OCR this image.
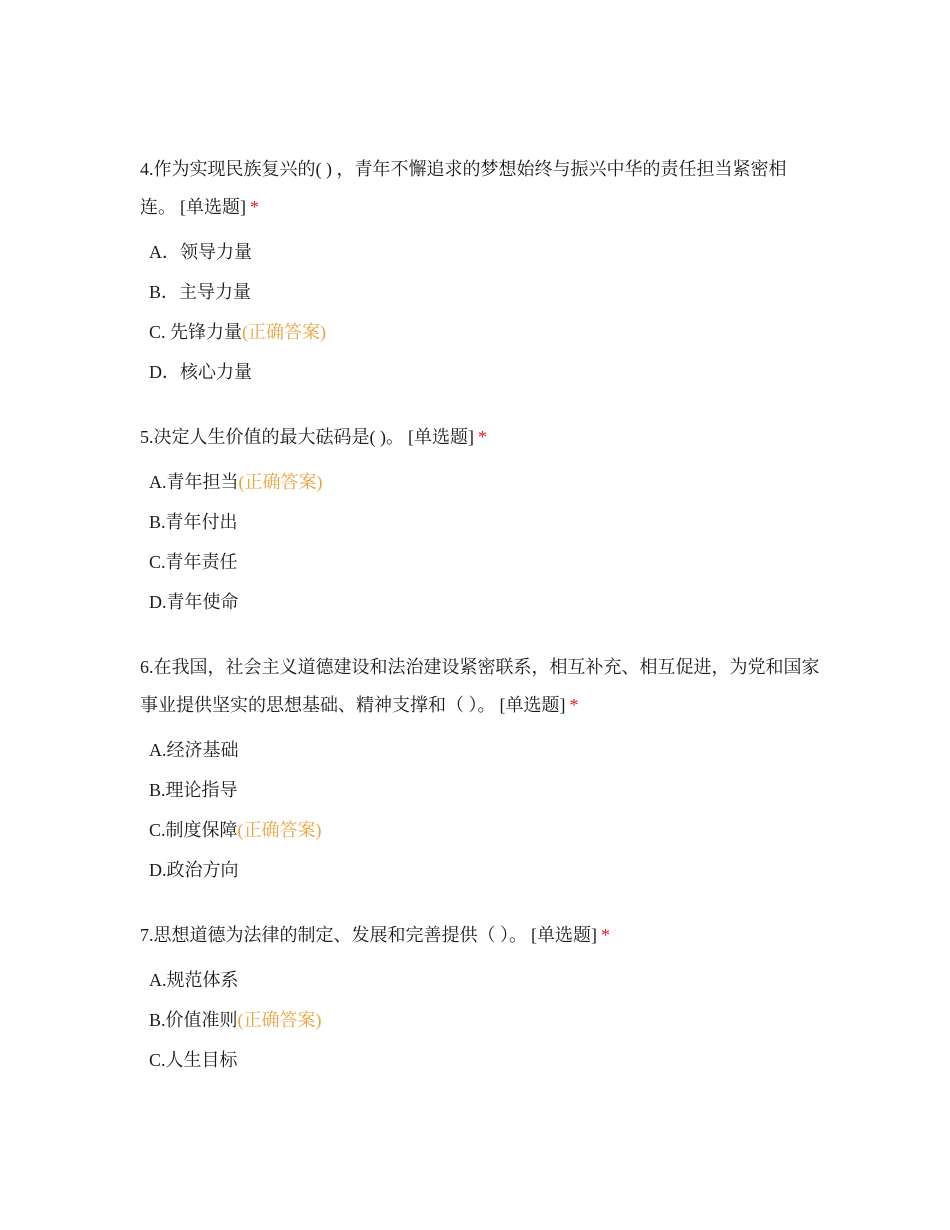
4.作为实现民族复兴的( ) ，青年不懈追求的梦想始终与振兴中华的责任担当紧密相连。 [单选题] *
A．领导力量
B．主导力量
C. 先锋力量(正确答案)
D．核心力量
5.决定人生价值的最大砝码是( )。 [单选题] *
A.青年担当(正确答案)
B.青年付出
C.青年责任
D.青年使命
6.在我国，社会主义道德建设和法治建设紧密联系，相互补充、相互促进，为党和国家事业提供坚实的思想基础、精神支撑和（ ）。 [单选题] *
A.经济基础
B.理论指导
C.制度保障(正确答案)
D.政治方向
7.思想道德为法律的制定、发展和完善提供（ ）。 [单选题] *
A.规范体系
B.价值准则(正确答案)
C.人生目标
